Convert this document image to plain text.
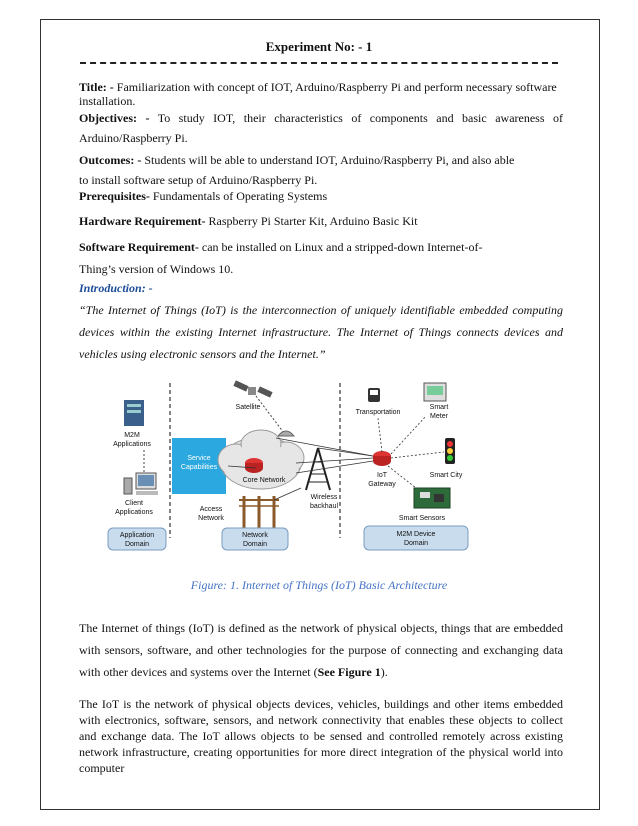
Experiment No: - 1

Title: - Familiarization with concept of IOT, Arduino/Raspberry Pi and perform necessary software installation.

Objectives: - To study IOT, their characteristics of components and basic awareness of Arduino/Raspberry Pi.

Outcomes: - Students will be able to understand IOT, Arduino/Raspberry Pi, and also able
to install software setup of Arduino/Raspberry Pi.

Prerequisites- Fundamentals of Operating Systems

Hardware Requirement- Raspberry Pi Starter Kit, Arduino Basic Kit

Software Requirement- can be installed on Linux and a stripped-down Internet-of-
Thing’s version of Windows 10.

Introduction: -
“The Internet of Things (IoT) is the interconnection of uniquely identifiable embedded computing devices within the existing Internet infrastructure. The Internet of Things connects devices and vehicles using electronic sensors and the Internet.”
Service
Capabilities
Core Network
Satellite
Wireless
backhaul
Access
Network
M2M
Applications
Client
Applications
Application
Domain
Network
Domain
Transportation
Smart
Meter
IoT
Gateway
Smart City
Smart Sensors
M2M Device
Domain
Figure: 1. Internet of Things (IoT) Basic Architecture
The Internet of things (IoT) is defined as the network of physical objects, things that are embedded with sensors, software, and other technologies for the purpose of connecting and exchanging data with other devices and systems over the Internet (See Figure 1).
The IoT is the network of physical objects devices, vehicles, buildings and other items embedded with electronics, software, sensors, and network connectivity that enables these objects to collect and exchange data. The IoT allows objects to be sensed and controlled remotely across existing network infrastructure, creating opportunities for more direct integration of the physical world into computer
